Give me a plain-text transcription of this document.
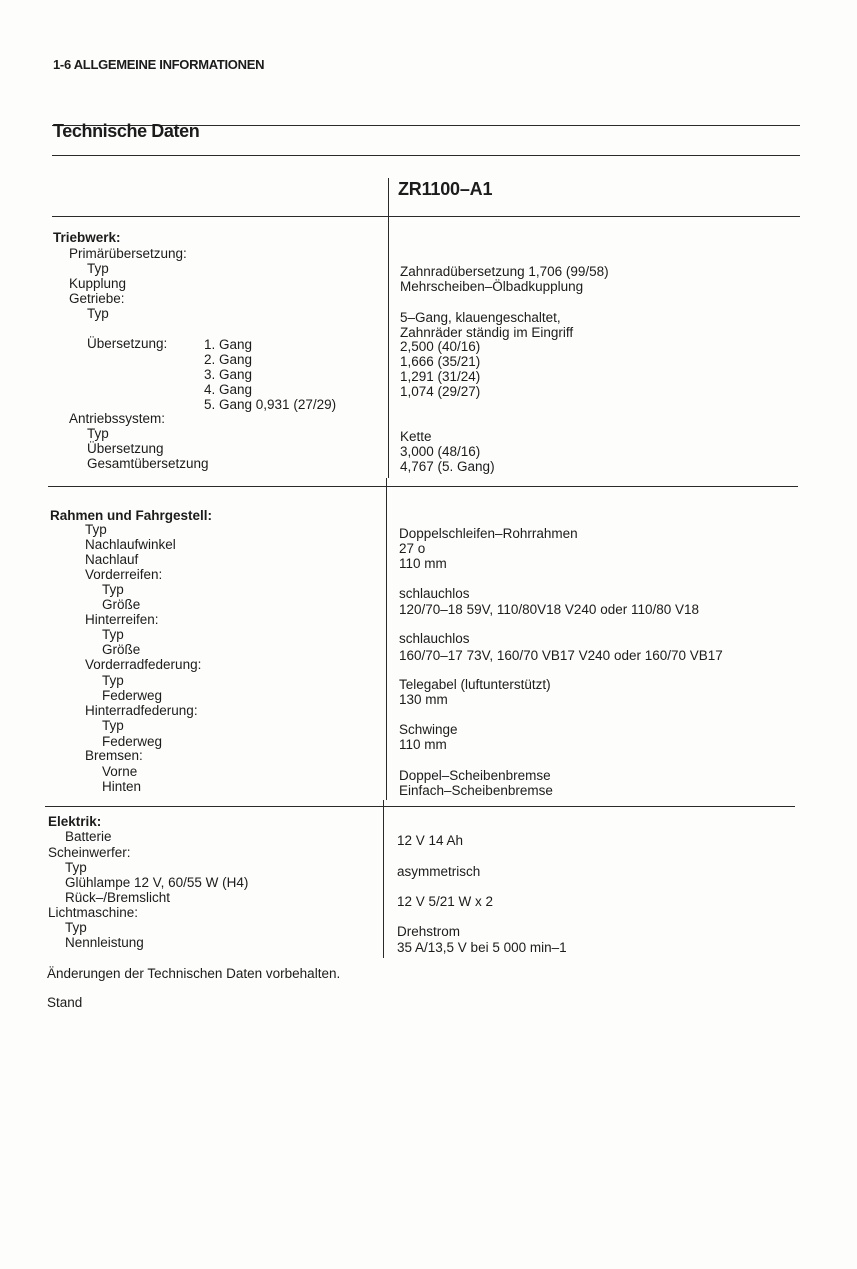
1-6 ALLGEMEINE INFORMATIONEN
Technische Daten
ZR1100–A1
Triebwerk:
Primärübersetzung:
Typ	Zahnradübersetzung 1,706 (99/58)
Kupplung	Mehrscheiben–Ölbadkupplung
Getriebe:
Typ	5–Gang, klauengeschaltet,
Zahnräder ständig im Eingriff
Übersetzung:	1. Gang	2,500 (40/16)
2. Gang	1,666 (35/21)
3. Gang	1,291 (31/24)
4. Gang	1,074 (29/27)
5. Gang 0,931 (27/29)
Antriebssystem:
Typ	Kette
Übersetzung	3,000 (48/16)
Gesamtübersetzung	4,767 (5. Gang)
Rahmen und Fahrgestell:
Typ	Doppelschleifen–Rohrrahmen
Nachlaufwinkel	27 o
Nachlauf	110 mm
Vorderreifen:
Typ	schlauchlos
Größe	120/70–18 59V, 110/80V18 V240 oder 110/80 V18
Hinterreifen:
Typ	schlauchlos
Größe	160/70–17 73V, 160/70 VB17 V240 oder 160/70 VB17
Vorderradfederung:
Typ	Telegabel (luftunterstützt)
Federweg	130 mm
Hinterradfederung:
Typ	Schwinge
Federweg	110 mm
Bremsen:
Vorne	Doppel–Scheibenbremse
Hinten	Einfach–Scheibenbremse
Elektrik:
Batterie	12 V 14 Ah
Scheinwerfer:
Typ	asymmetrisch
Glühlampe 12 V, 60/55 W (H4)
Rück–/Bremslicht	12 V 5/21 W x 2
Lichtmaschine:
Typ	Drehstrom
Nennleistung	35 A/13,5 V bei 5 000 min–1
Änderungen der Technischen Daten vorbehalten.
Stand
